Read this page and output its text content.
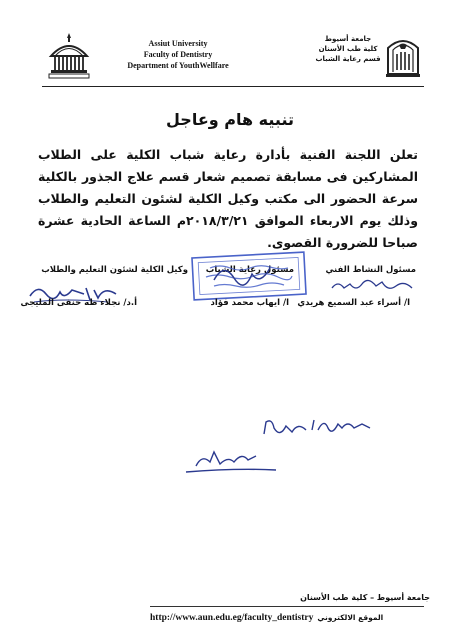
Assiut University
Faculty of Dentistry
Department of YouthWellfare
جامعة أسيوط
كلية طب الأسنان
قسم رعاية الشباب
تنبيه هام وعاجل
تعلن اللجنة الفنية بأدارة رعاية شباب الكلية على الطلاب المشاركين فى مسابقة تصميم شعار قسم علاج الجذور بالكلية سرعة الحضور الى مكتب وكيل الكلية لشئون التعليم والطلاب وذلك يوم الاربعاء الموافق ٢٠١٨/٣/٢١م الساعة الحادية عشرة صباحا للضرورة القصوى.
مسئول النشاط الفني
مسئول رعاية الشباب
وكيل الكلية لشئون التعليم والطلاب
ا/ أسراء عبد السميع هريدي
ا/ ايهاب محمد فؤاد
أ.د/ نجلاء طه حنفى المليجى
جامعة أسيوط – كلية طب الأسنان
http://www.aun.edu.eg/faculty_dentistry الموقع الالكتروني
